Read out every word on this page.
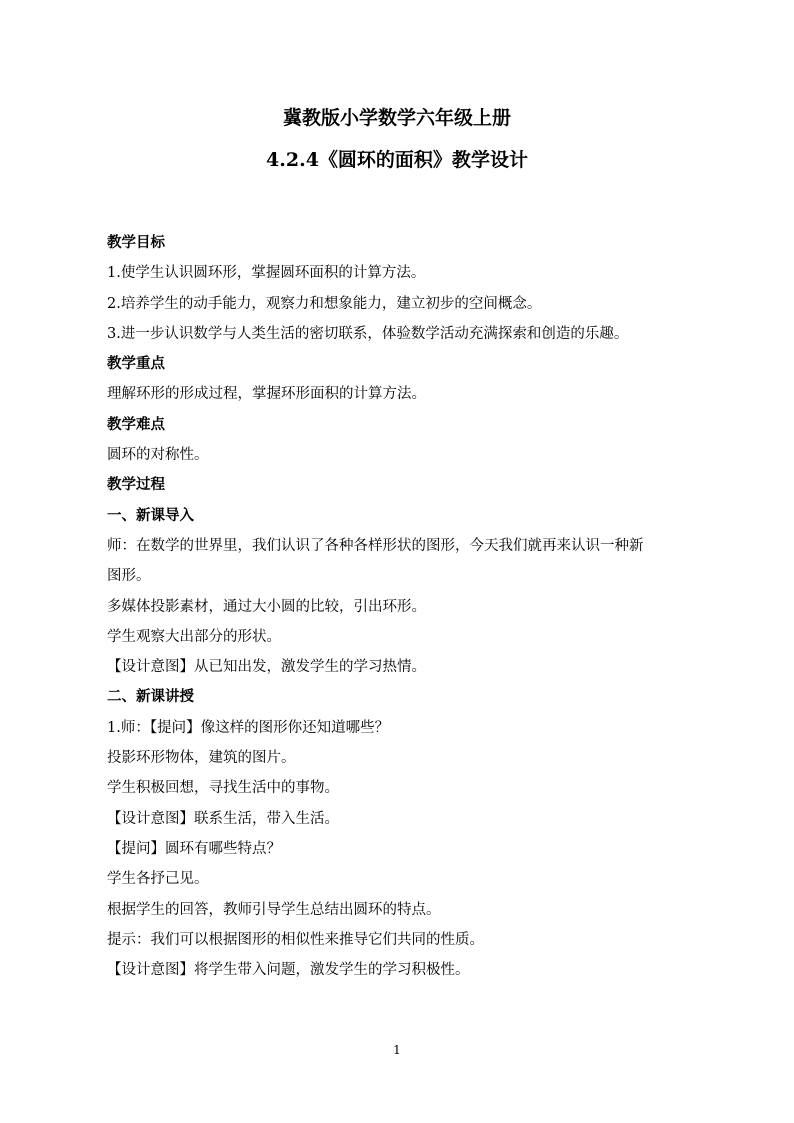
冀教版小学数学六年级上册
4.2.4《圆环的面积》教学设计

教学目标

1.使学生认识圆环形，掌握圆环面积的计算方法。

2.培养学生的动手能力，观察力和想象能力，建立初步的空间概念。

3.进一步认识数学与人类生活的密切联系，体验数学活动充满探索和创造的乐趣。

教学重点

理解环形的形成过程，掌握环形面积的计算方法。

教学难点

圆环的对称性。

教学过程

一、新课导入

师：在数学的世界里，我们认识了各种各样形状的图形，今天我们就再来认识一种新

图形。

多媒体投影素材，通过大小圆的比较，引出环形。

学生观察大出部分的形状。

【设计意图】从已知出发，激发学生的学习热情。

二、新课讲授

1.师：【提问】像这样的图形你还知道哪些？

投影环形物体，建筑的图片。

学生积极回想，寻找生活中的事物。

【设计意图】联系生活，带入生活。

【提问】圆环有哪些特点？

学生各抒己见。

根据学生的回答，教师引导学生总结出圆环的特点。

提示：我们可以根据图形的相似性来推导它们共同的性质。

【设计意图】将学生带入问题，激发学生的学习积极性。

1
